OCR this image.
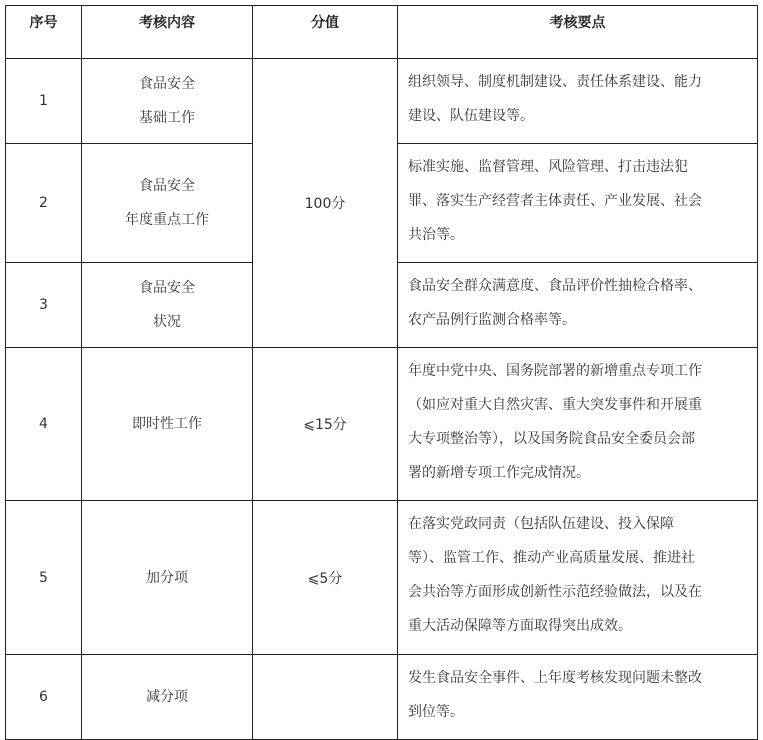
序号	考核内容	分值	考核要点
1	食品安全
基础工作	100分	组织领导、制度机制建设、责任体系建设、能力
建设、队伍建设等。

2	食品安全
年度重点工作		标准实施、监督管理、风险管理、打击违法犯
罪、落实生产经营者主体责任、产业发展、社会
共治等。

3	食品安全
状况		食品安全群众满意度、食品评价性抽检合格率、
农产品例行监测合格率等。

4	即时性工作	⩽15分	年度中党中央、国务院部署的新增重点专项工作
（如应对重大自然灾害、重大突发事件和开展重
大专项整治等），以及国务院食品安全委员会部
署的新增专项工作完成情况。

5	加分项	⩽5分	在落实党政同责（包括队伍建设、投入保障
等）、监管工作、推动产业高质量发展、推进社
会共治等方面形成创新性示范经验做法，以及在
重大活动保障等方面取得突出成效。

6	减分项		发生食品安全事件、上年度考核发现问题未整改
到位等。
